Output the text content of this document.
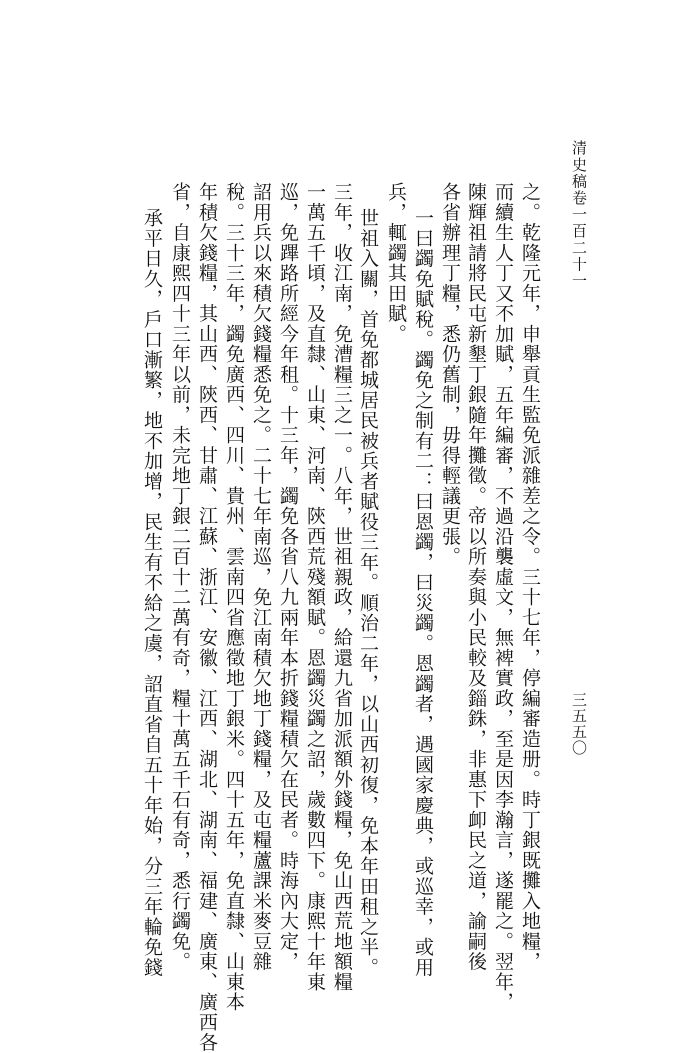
清史稿卷一百二十一
三五五〇
之。乾隆元年，申舉貢生監免派雜差之令。三十七年，停編審造册。時丁銀既攤入地糧，
而續生人丁又不加賦，五年編審，不過沿襲虛文，無裨實政，至是因李瀚言，遂罷之。翌年，
陳輝祖請將民屯新墾丁銀隨年攤徵。帝以所奏與小民較及錙銖，非惠下卹民之道，諭嗣後
各省辦理丁糧，悉仍舊制，毋得輕議更張。
一曰蠲免賦稅。蠲免之制有二：曰恩蠲，曰災蠲。恩蠲者，遇國家慶典，或巡幸，或用
兵，輒蠲其田賦。
世祖入關，首免都城居民被兵者賦役三年。順治二年，以山西初復，免本年田租之半。
三年，收江南，免漕糧三之一。八年，世祖親政，給還九省加派額外錢糧，免山西荒地額糧
一萬五千頃，及直隸、山東、河南、陝西荒殘額賦。恩蠲災蠲之詔，歲數四下。康熙十年東
巡，免蹕路所經今年租。十三年，蠲免各省八九兩年本折錢糧積欠在民者。時海內大定，
詔用兵以來積欠錢糧悉免之。二十七年南巡，免江南積欠地丁錢糧，及屯糧蘆課米麥豆雜
稅。三十三年，蠲免廣西、四川、貴州、雲南四省應徵地丁銀米。四十五年，免直隸、山東本
年積欠錢糧，其山西、陝西、甘肅、江蘇、浙江、安徽、江西、湖北、湖南、福建、廣東、廣西各
省，自康熙四十三年以前，未完地丁銀二百十二萬有奇，糧十萬五千石有奇，悉行蠲免。
承平日久，戶口漸繁，地不加增，民生有不給之虞，詔直省自五十年始，分三年輪免錢
